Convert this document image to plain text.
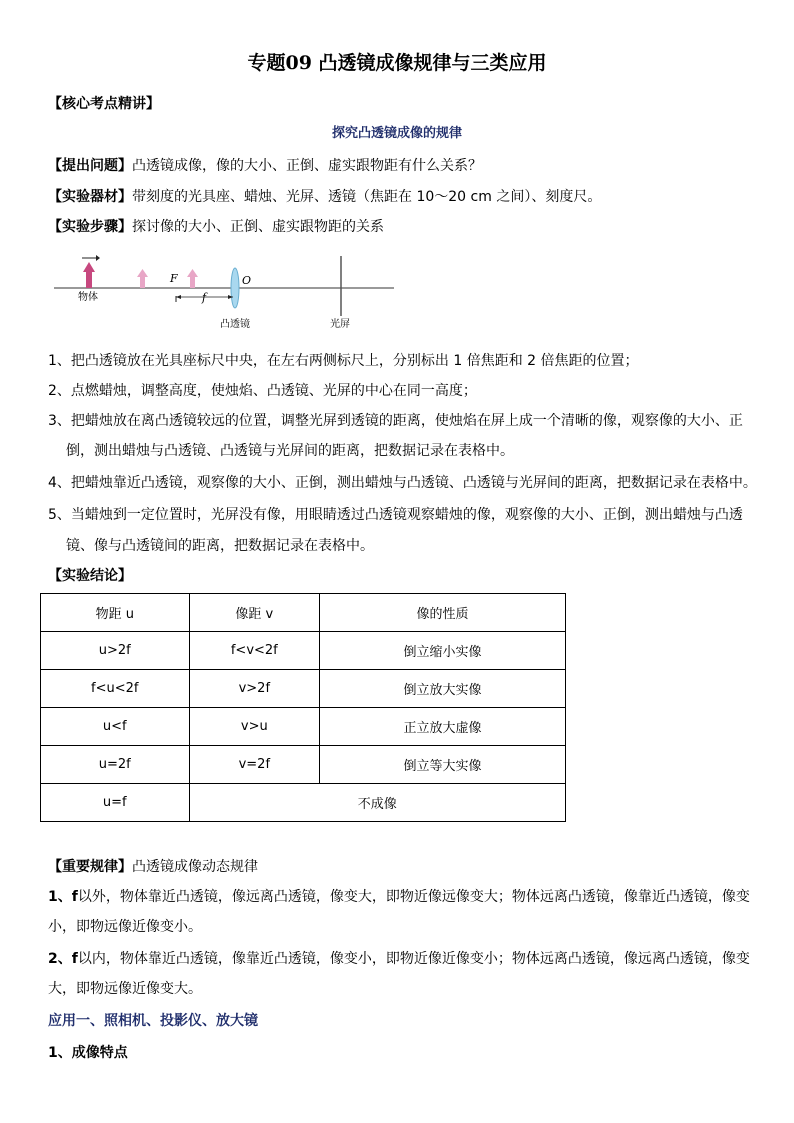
专题09 凸透镜成像规律与三类应用
【核心考点精讲】
探究凸透镜成像的规律
【提出问题】凸透镜成像，像的大小、正倒、虚实跟物距有什么关系？
【实验器材】带刻度的光具座、蜡烛、光屏、透镜（焦距在 10～20 cm 之间）、刻度尺。
【实验步骤】探讨像的大小、正倒、虚实跟物距的关系
物体
F
f
O
凸透镜	光屏
1、把凸透镜放在光具座标尺中央，在左右两侧标尺上，分别标出 1 倍焦距和 2 倍焦距的位置；
2、点燃蜡烛，调整高度，使烛焰、凸透镜、光屏的中心在同一高度；
3、把蜡烛放在离凸透镜较远的位置，调整光屏到透镜的距离，使烛焰在屏上成一个清晰的像，观察像的大小、正
倒，测出蜡烛与凸透镜、凸透镜与光屏间的距离，把数据记录在表格中。
4、把蜡烛靠近凸透镜，观察像的大小、正倒，测出蜡烛与凸透镜、凸透镜与光屏间的距离，把数据记录在表格中。
5、当蜡烛到一定位置时，光屏没有像，用眼睛透过凸透镜观察蜡烛的像，观察像的大小、正倒，测出蜡烛与凸透
镜、像与凸透镜间的距离，把数据记录在表格中。
【实验结论】
物距 u	像距 v	像的性质
u>2f	f<v<2f	倒立缩小实像
f<u<2f	v>2f	倒立放大实像
u<f	v>u	正立放大虚像
u=2f	v=2f	倒立等大实像
u=f	不成像	
【重要规律】凸透镜成像动态规律
1、f以外，物体靠近凸透镜，像远离凸透镜，像变大，即物近像远像变大；物体远离凸透镜，像靠近凸透镜，像变
小，即物远像近像变小。
2、f以内，物体靠近凸透镜，像靠近凸透镜，像变小，即物近像近像变小；物体远离凸透镜，像远离凸透镜，像变
大，即物远像近像变大。
应用一、照相机、投影仪、放大镜
1、成像特点
